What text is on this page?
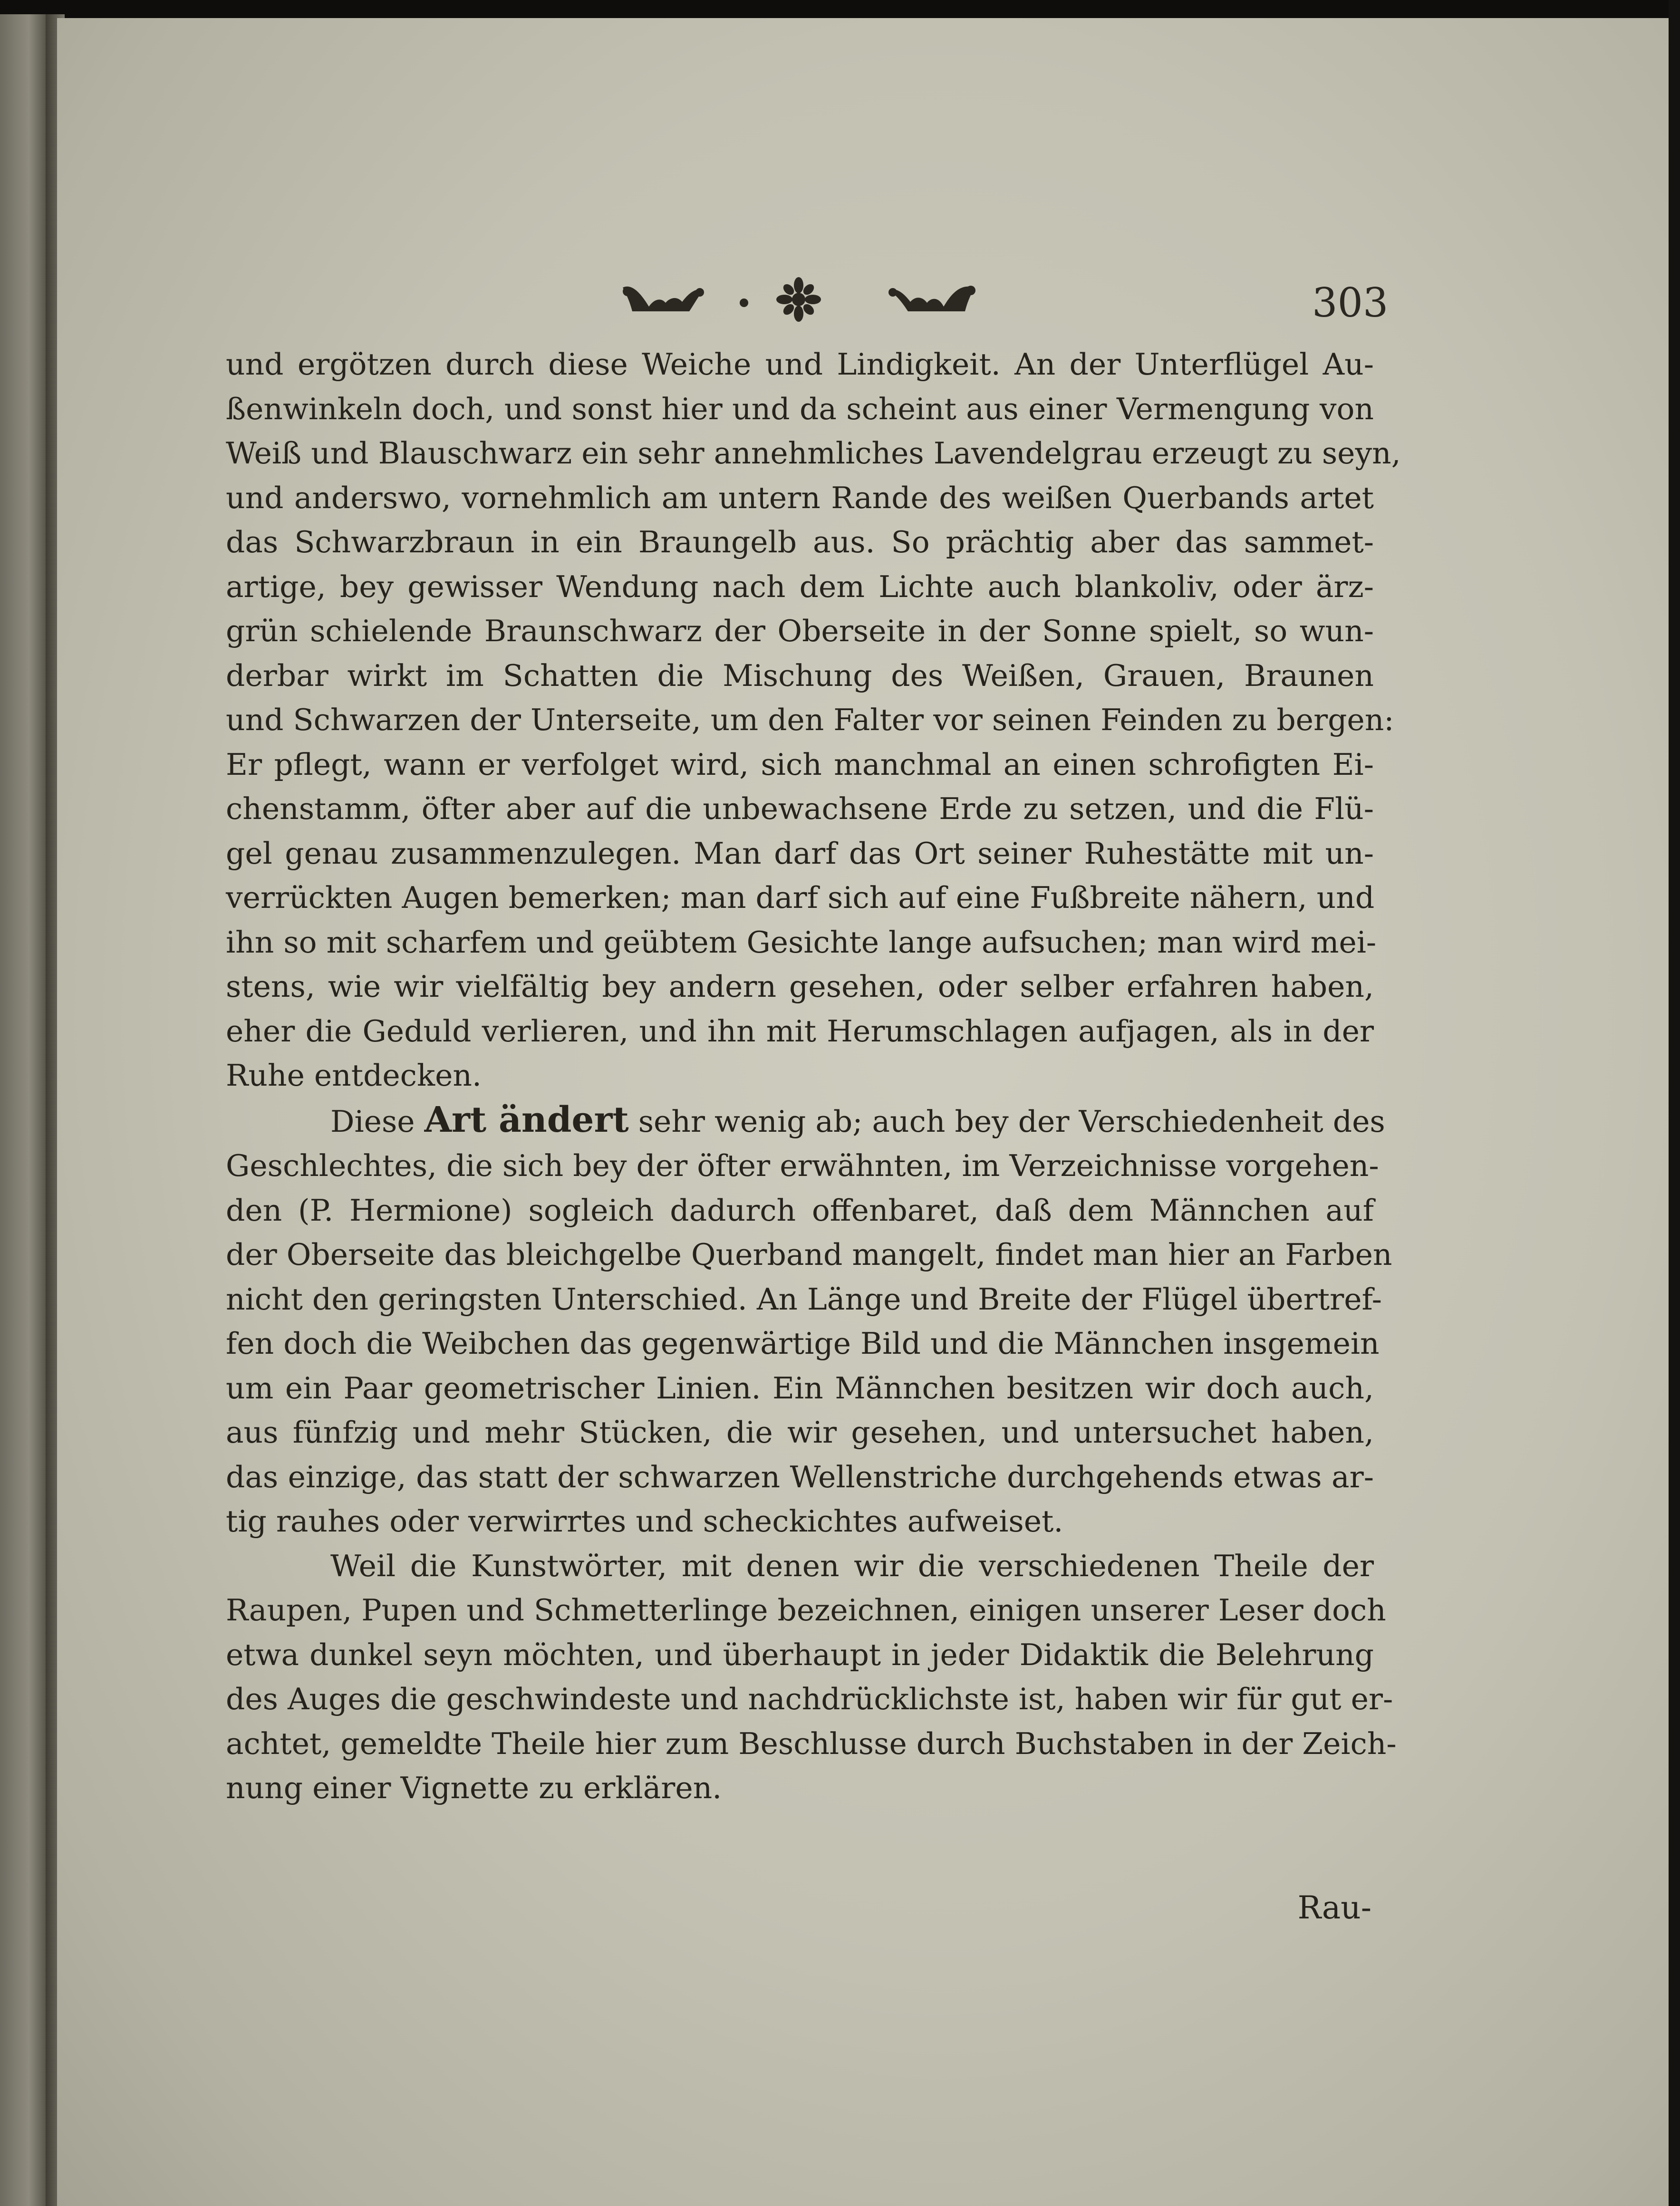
303
und ergötzen durch diese Weiche und Lindigkeit. An der Unterflügel Au-
ßenwinkeln doch, und sonst hier und da scheint aus einer Vermengung von
Weiß und Blauschwarz ein sehr annehmliches Lavendelgrau erzeugt zu seyn,
und anderswo, vornehmlich am untern Rande des weißen Querbands artet
das Schwarzbraun in ein Braungelb aus. So prächtig aber das sammet-
artige, bey gewisser Wendung nach dem Lichte auch blankoliv, oder ärz-
grün schielende Braunschwarz der Oberseite in der Sonne spielt, so wun-
derbar wirkt im Schatten die Mischung des Weißen, Grauen, Braunen
und Schwarzen der Unterseite, um den Falter vor seinen Feinden zu bergen:
Er pflegt, wann er verfolget wird, sich manchmal an einen schrofigten Ei-
chenstamm, öfter aber auf die unbewachsene Erde zu setzen, und die Flü-
gel genau zusammenzulegen. Man darf das Ort seiner Ruhestätte mit un-
verrückten Augen bemerken; man darf sich auf eine Fußbreite nähern, und
ihn so mit scharfem und geübtem Gesichte lange aufsuchen; man wird mei-
stens, wie wir vielfältig bey andern gesehen, oder selber erfahren haben,
eher die Geduld verlieren, und ihn mit Herumschlagen aufjagen, als in der
Ruhe entdecken.
Diese Art ändert sehr wenig ab; auch bey der Verschiedenheit des
Geschlechtes, die sich bey der öfter erwähnten, im Verzeichnisse vorgehen-
den (P. Hermione) sogleich dadurch offenbaret, daß dem Männchen auf
der Oberseite das bleichgelbe Querband mangelt, findet man hier an Farben
nicht den geringsten Unterschied. An Länge und Breite der Flügel übertref-
fen doch die Weibchen das gegenwärtige Bild und die Männchen insgemein
um ein Paar geometrischer Linien. Ein Männchen besitzen wir doch auch,
aus fünfzig und mehr Stücken, die wir gesehen, und untersuchet haben,
das einzige, das statt der schwarzen Wellenstriche durchgehends etwas ar-
tig rauhes oder verwirrtes und scheckichtes aufweiset.
Weil die Kunstwörter, mit denen wir die verschiedenen Theile der
Raupen, Pupen und Schmetterlinge bezeichnen, einigen unserer Leser doch
etwa dunkel seyn möchten, und überhaupt in jeder Didaktik die Belehrung
des Auges die geschwindeste und nachdrücklichste ist, haben wir für gut er-
achtet, gemeldte Theile hier zum Beschlusse durch Buchstaben in der Zeich-
nung einer Vignette zu erklären.
Rau-
